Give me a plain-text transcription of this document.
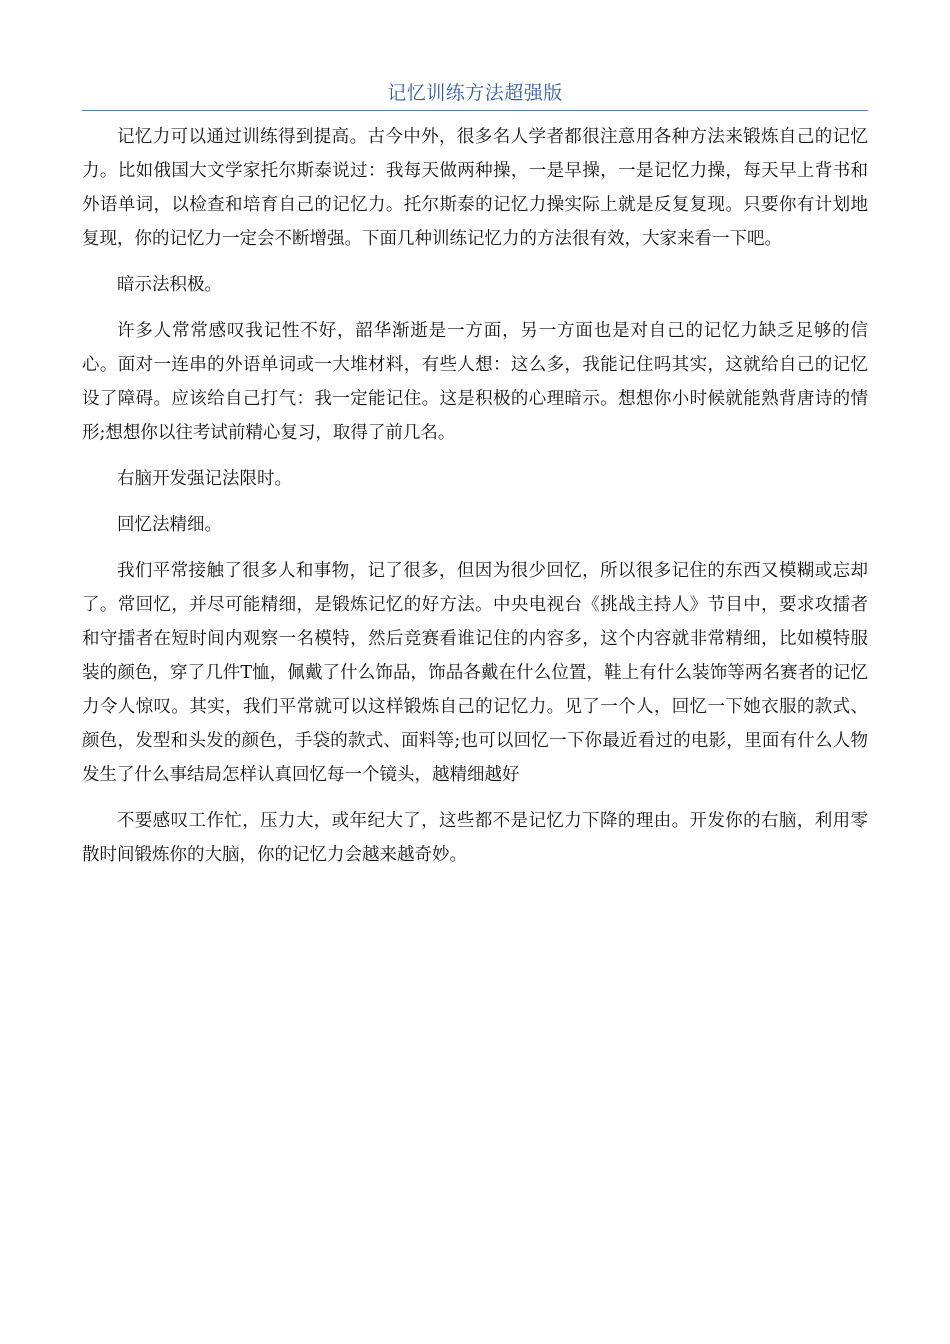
记忆训练方法超强版

记忆力可以通过训练得到提高。古今中外，很多名人学者都很注意用各种方法来锻炼自己的记忆力。比如俄国大文学家托尔斯泰说过：我每天做两种操，一是早操，一是记忆力操，每天早上背书和外语单词，以检查和培育自己的记忆力。托尔斯泰的记忆力操实际上就是反复复现。只要你有计划地复现，你的记忆力一定会不断增强。下面几种训练记忆力的方法很有效，大家来看一下吧。

暗示法积极。

许多人常常感叹我记性不好，韶华渐逝是一方面，另一方面也是对自己的记忆力缺乏足够的信心。面对一连串的外语单词或一大堆材料，有些人想：这么多，我能记住吗其实，这就给自己的记忆设了障碍。应该给自己打气：我一定能记住。这是积极的心理暗示。想想你小时候就能熟背唐诗的情形;想想你以往考试前精心复习，取得了前几名。

右脑开发强记法限时。

回忆法精细。

我们平常接触了很多人和事物，记了很多，但因为很少回忆，所以很多记住的东西又模糊或忘却了。常回忆，并尽可能精细，是锻炼记忆的好方法。中央电视台《挑战主持人》节目中，要求攻擂者和守擂者在短时间内观察一名模特，然后竞赛看谁记住的内容多，这个内容就非常精细，比如模特服装的颜色，穿了几件T恤，佩戴了什么饰品，饰品各戴在什么位置，鞋上有什么装饰等两名赛者的记忆力令人惊叹。其实，我们平常就可以这样锻炼自己的记忆力。见了一个人，回忆一下她衣服的款式、颜色，发型和头发的颜色，手袋的款式、面料等;也可以回忆一下你最近看过的电影，里面有什么人物发生了什么事结局怎样认真回忆每一个镜头，越精细越好

不要感叹工作忙，压力大，或年纪大了，这些都不是记忆力下降的理由。开发你的右脑，利用零散时间锻炼你的大脑，你的记忆力会越来越奇妙。
